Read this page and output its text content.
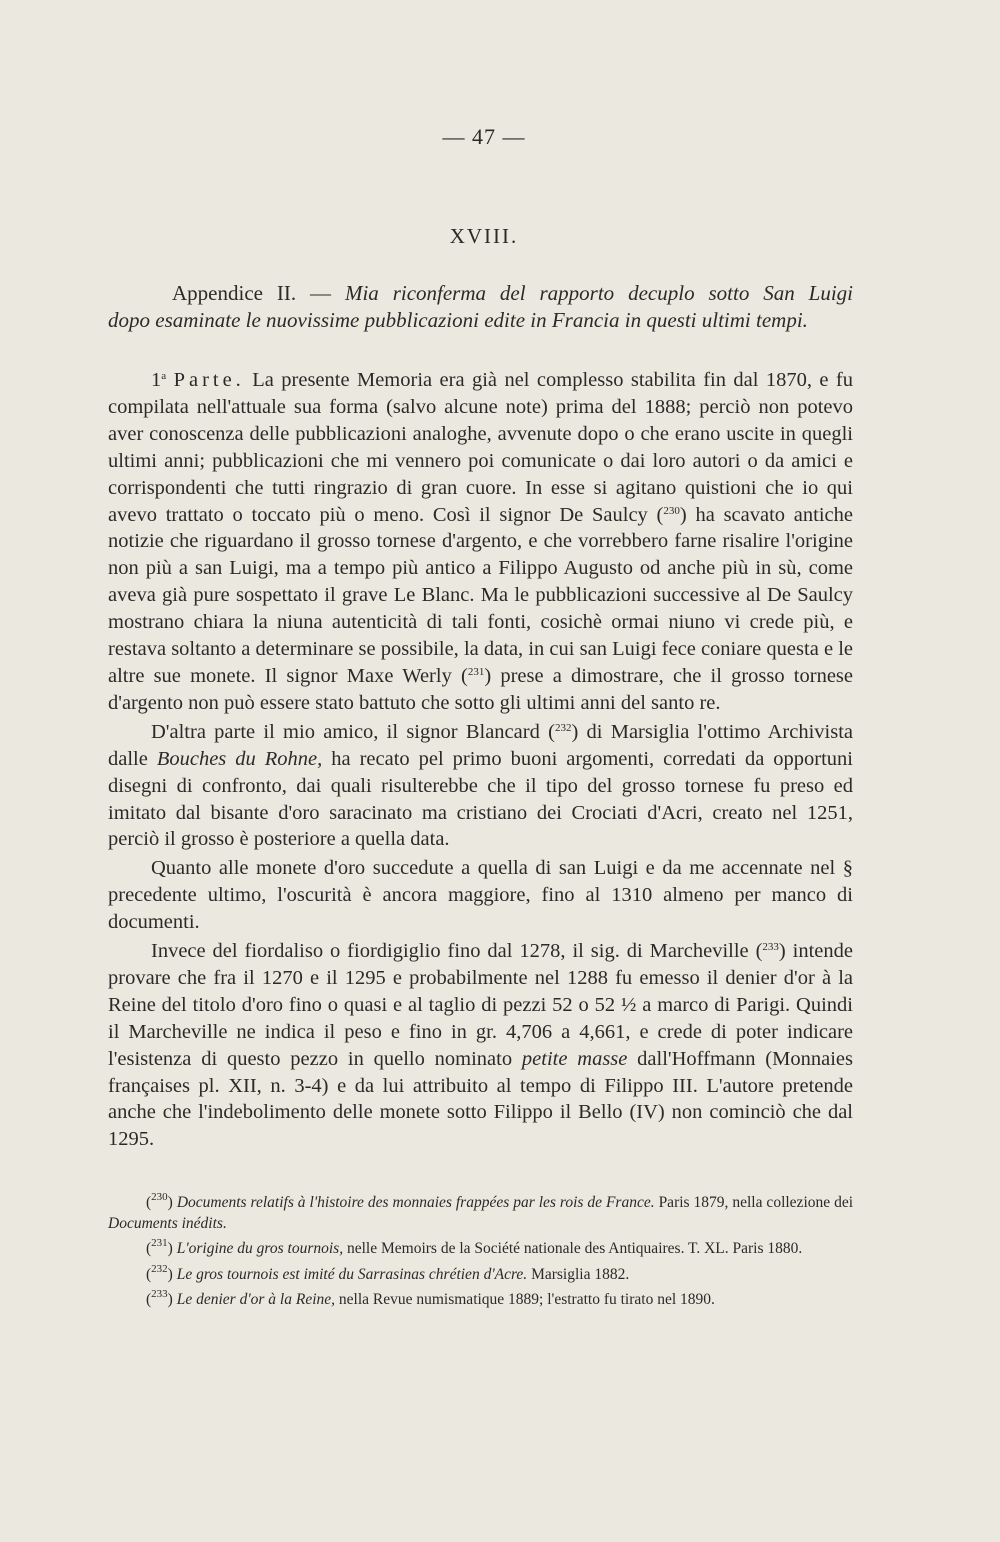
— 47 —
XVIII.
Appendice II. — Mia riconferma del rapporto decuplo sotto San Luigi
dopo esaminate le nuovissime pubblicazioni edite in Francia in questi ultimi tempi.

1$^a$ Parte. La presente Memoria era già nel complesso stabilita fin dal 1870, e fu compilata nell'attuale sua forma (salvo alcune note) prima del 1888; perciò non potevo aver conoscenza delle pubblicazioni analoghe, avvenute dopo o che erano uscite in quegli ultimi anni; pubblicazioni che mi vennero poi comunicate o dai loro autori o da amici e corrispondenti che tutti ringrazio di gran cuore. In esse si agitano quistioni che io qui avevo trattato o toccato più o meno. Così il signor De Saulcy ($^{230}$) ha scavato antiche notizie che riguardano il grosso tornese d'argento, e che vorrebbero farne risalire l'origine non più a san Luigi, ma a tempo più antico a Filippo Augusto od anche più in sù, come aveva già pure sospettato il grave Le Blanc. Ma le pubblicazioni successive al De Saulcy mostrano chiara la niuna autenticità di tali fonti, cosichè ormai niuno vi crede più, e restava soltanto a determinare se possibile, la data, in cui san Luigi fece coniare questa e le altre sue monete. Il signor Maxe Werly ($^{231}$) prese a dimostrare, che il grosso tornese d'argento non può essere stato battuto che sotto gli ultimi anni del santo re.

D'altra parte il mio amico, il signor Blancard ($^{232}$) di Marsiglia l'ottimo Archivista dalle Bouches du Rohne, ha recato pel primo buoni argomenti, corredati da opportuni disegni di confronto, dai quali risulterebbe che il tipo del grosso tornese fu preso ed imitato dal bisante d'oro saracinato ma cristiano dei Crociati d'Acri, creato nel 1251, perciò il grosso è posteriore a quella data.

Quanto alle monete d'oro succedute a quella di san Luigi e da me accennate nel § precedente ultimo, l'oscurità è ancora maggiore, fino al 1310 almeno per manco di documenti.

Invece del fiordaliso o fiordigiglio fino dal 1278, il sig. di Marcheville ($^{233}$) intende provare che fra il 1270 e il 1295 e probabilmente nel 1288 fu emesso il denier d'or à la Reine del titolo d'oro fino o quasi e al taglio di pezzi 52 o 52 ½ a marco di Parigi. Quindi il Marcheville ne indica il peso e fino in gr. 4,706 a 4,661, e crede di poter indicare l'esistenza di questo pezzo in quello nominato petite masse dall'Hoffmann (Monnaies françaises pl. XII, n. 3-4) e da lui attribuito al tempo di Filippo III. L'autore pretende anche che l'indebolimento delle monete sotto Filippo il Bello (IV) non cominciò che dal 1295.

($^{230}$) Documents relatifs à l'histoire des monnaies frappées par les rois de France. Paris 1879, nella collezione dei Documents inédits.

($^{231}$) L'origine du gros tournois, nelle Memoirs de la Société nationale des Antiquaires. T. XL. Paris 1880.

($^{232}$) Le gros tournois est imité du Sarrasinas chrétien d'Acre. Marsiglia 1882.

($^{233}$) Le denier d'or à la Reine, nella Revue numismatique 1889; l'estratto fu tirato nel 1890.
